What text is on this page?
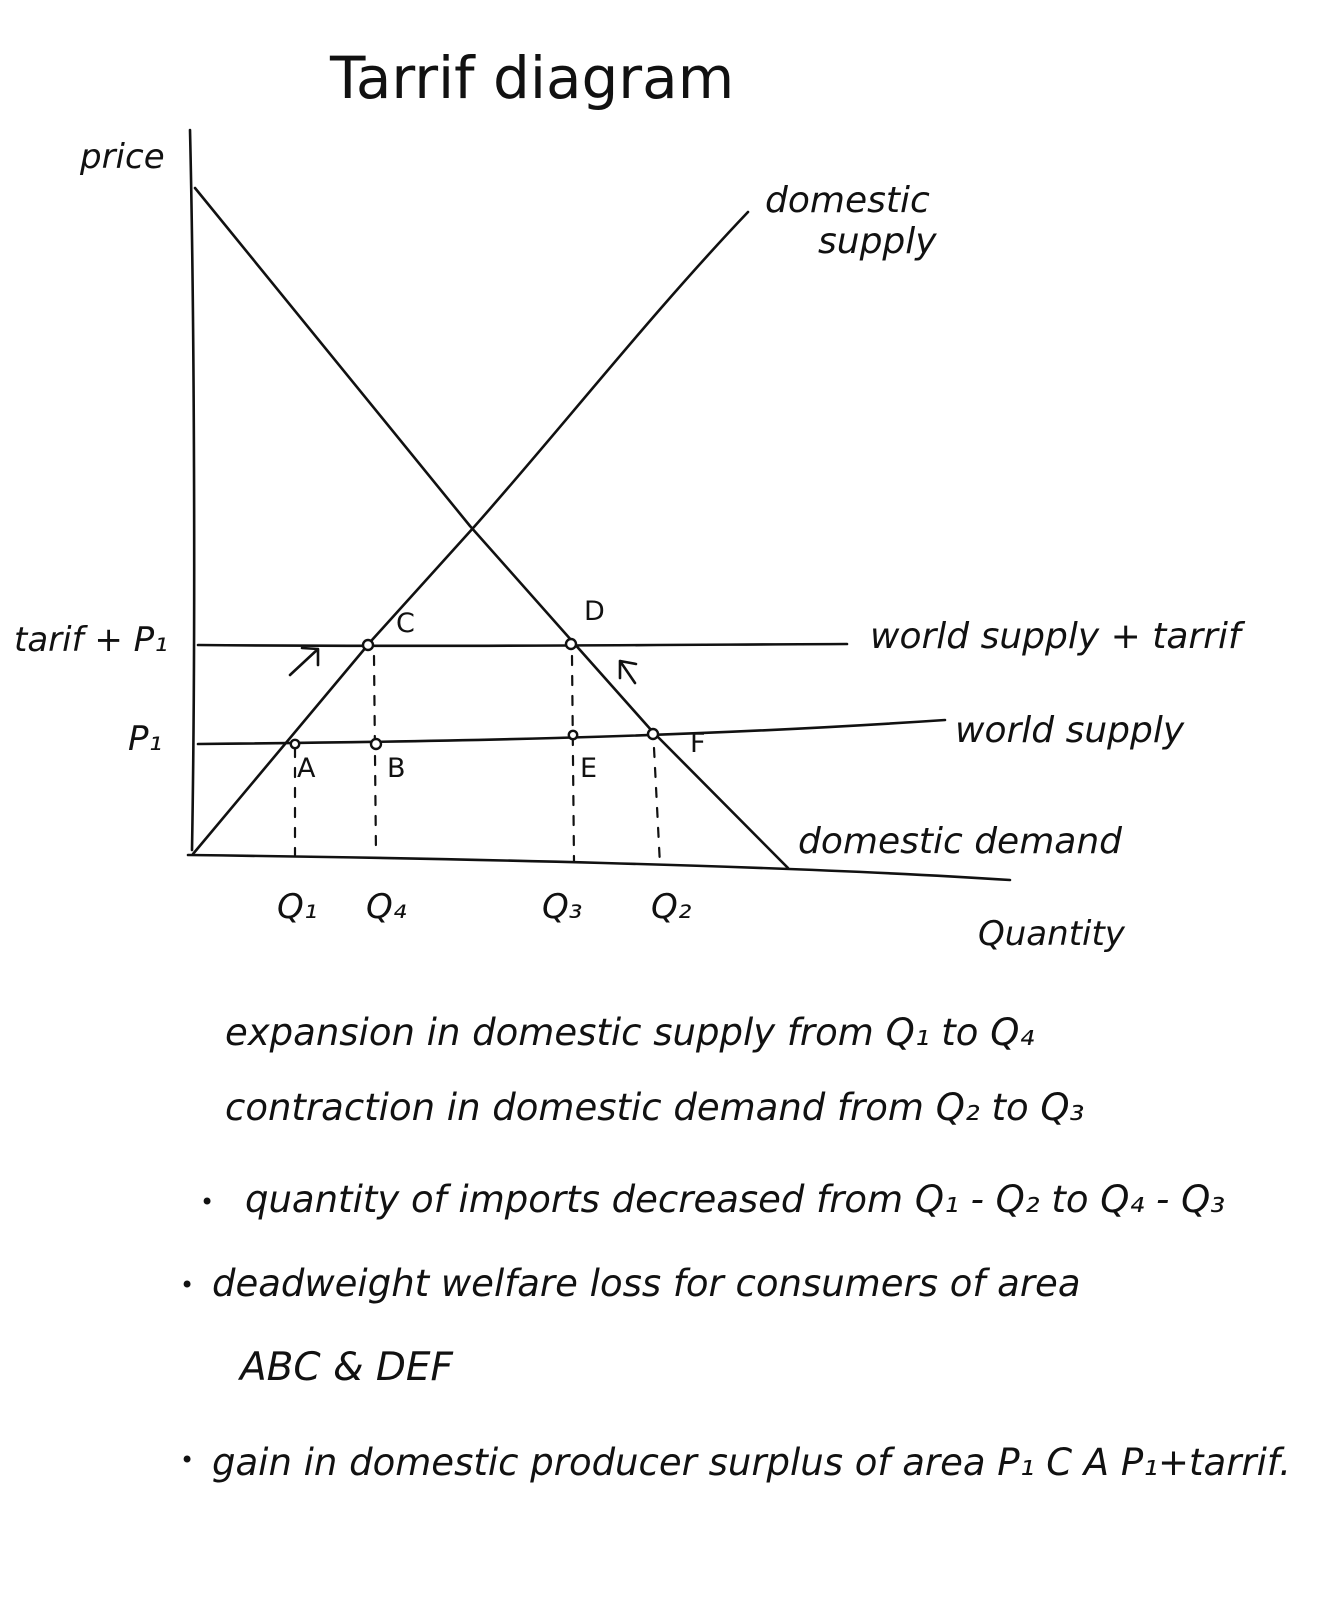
Tarrif diagram
price
Quantity
tarif + P₁
P₁
domestic
supply
world supply + tarrif
world supply
domestic demand
A	B
C	D
E
F
Q₁ Q₄	Q₃ Q₂
expansion in domestic supply from Q₁ to Q₄
contraction in domestic demand from Q₂ to Q₃
• quantity of imports decreased from Q₁ - Q₂ to Q₄ - Q₃
• deadweight welfare loss for consumers of area
ABC & DEF
• gain in domestic producer surplus of area P₁ C A P₁+tarrif.
